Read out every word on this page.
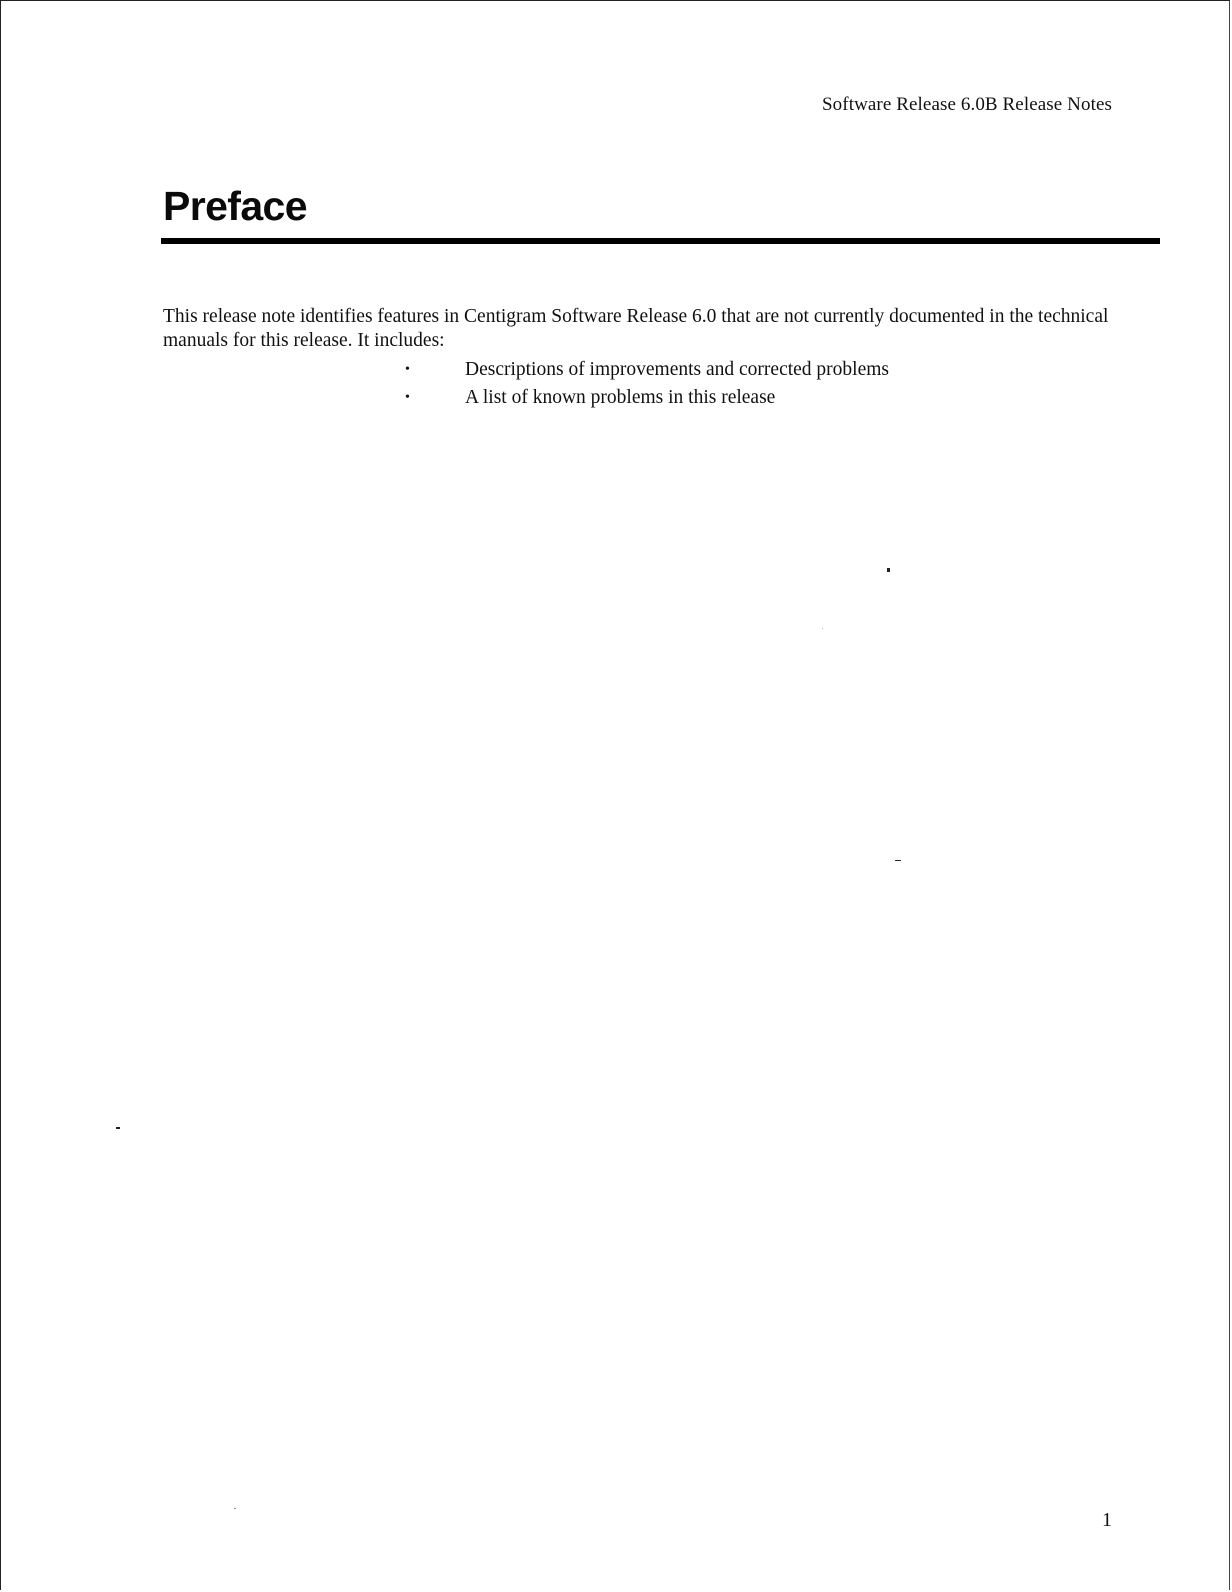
Software Release 6.0B Release Notes
Preface

This release note identifies features in Centigram Software Release 6.0 that are not currently documented in the technical manuals for this release. It includes:

•	Descriptions of improvements and corrected problems
•	A list of known problems in this release
1
